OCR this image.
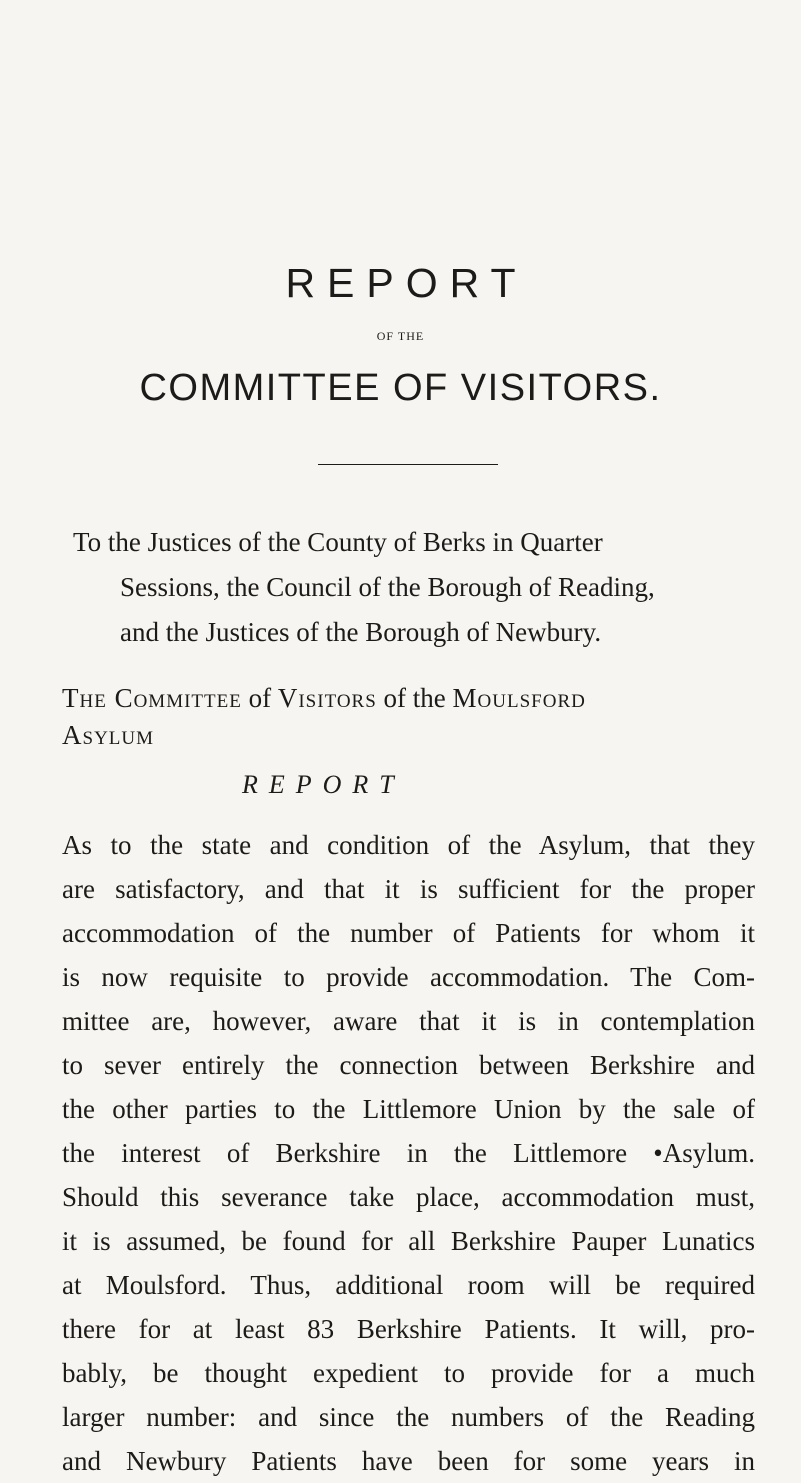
REPORT
OF THE
COMMITTEE OF VISITORS.
To the Justices of the County of Berks in Quarter
Sessions, the Council of the Borough of Reading,
and the Justices of the Borough of Newbury.
The Committee of Visitors of the Moulsford
Asylum
REPORT
As to the state and condition of the Asylum, that they
are satisfactory, and that it is sufficient for the proper
accommodation of the number of Patients for whom it
is now requisite to provide accommodation. The Com-
mittee are, however, aware that it is in contemplation
to sever entirely the connection between Berkshire and
the other parties to the Littlemore Union by the sale of
the interest of Berkshire in the Littlemore •Asylum.
Should this severance take place, accommodation must,
it is assumed, be found for all Berkshire Pauper Lunatics
at Moulsford. Thus, additional room will be required
there for at least 83 Berkshire Patients. It will, pro-
bably, be thought expedient to provide for a much
larger number: and since the numbers of the Reading
and Newbury Patients have been for some years in
